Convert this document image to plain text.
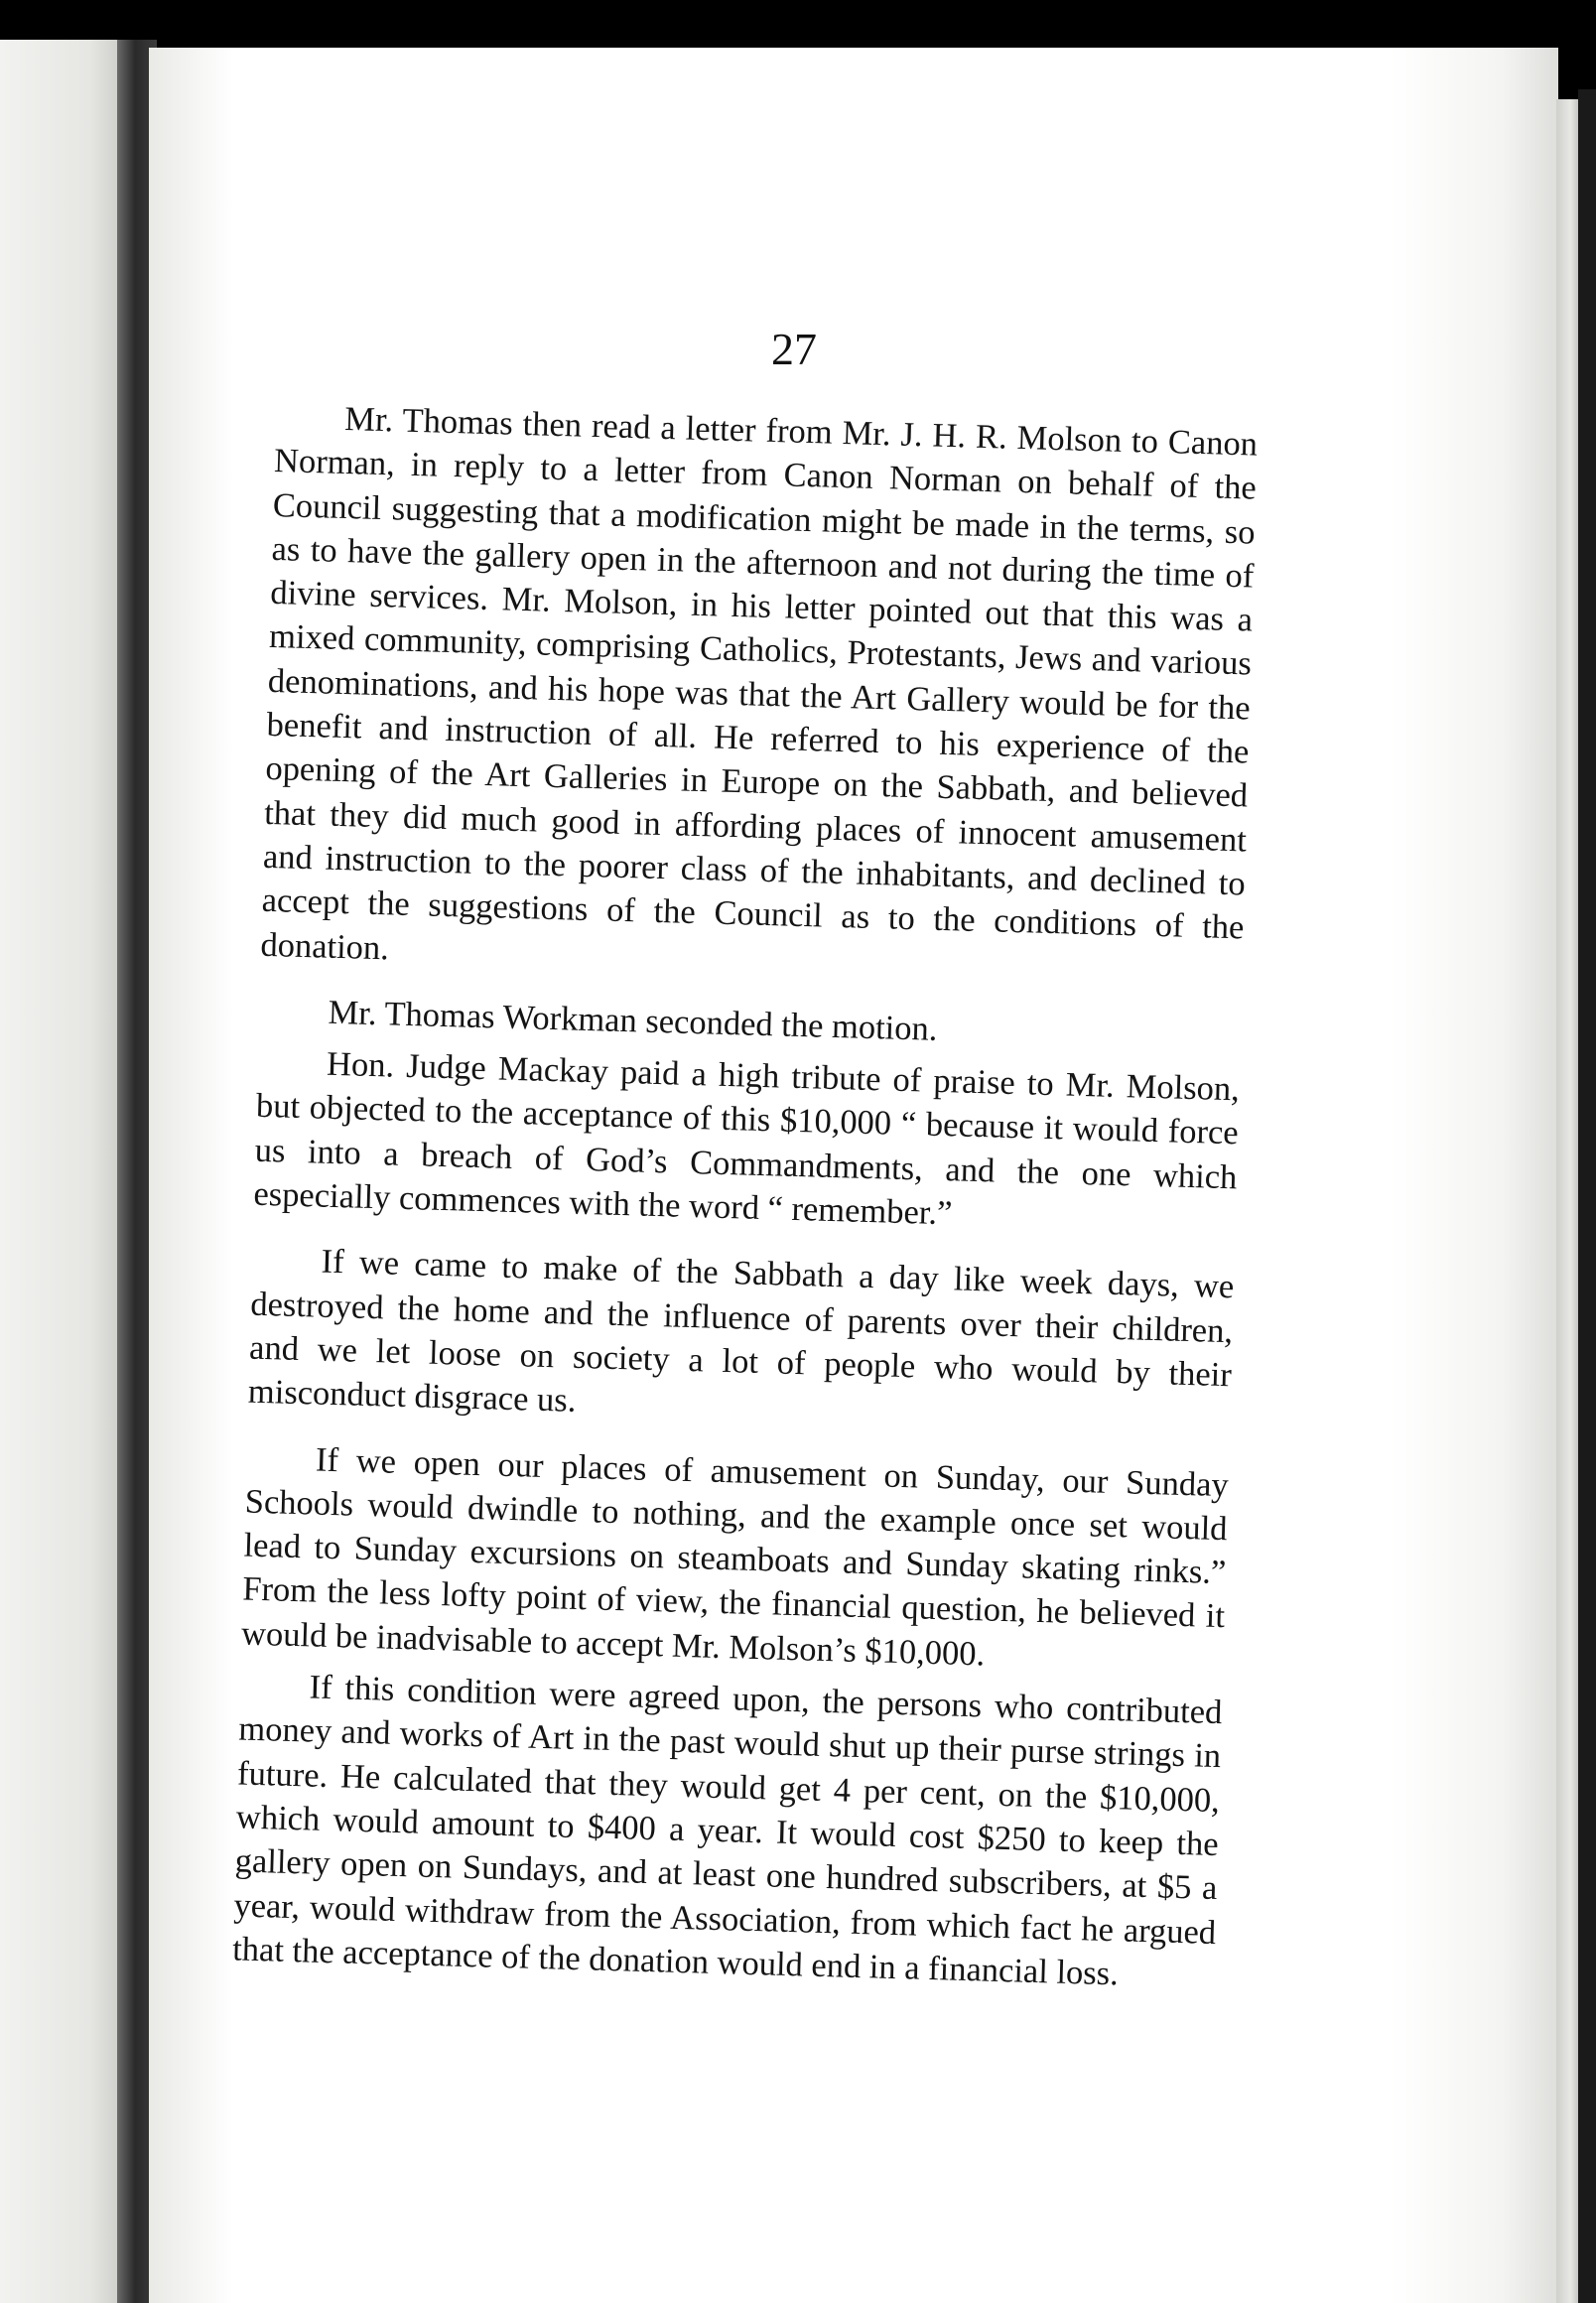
27

Mr. Thomas then read a letter from Mr. J. H. R. Molson to Canon Norman, in reply to a letter from Canon Norman on behalf of the Council suggesting that a modification might be made in the terms, so as to have the gallery open in the afternoon and not during the time of divine services. Mr. Molson, in his letter pointed out that this was a mixed community, comprising Catholics, Protestants, Jews and various denominations, and his hope was that the Art Gallery would be for the benefit and instruction of all. He referred to his experience of the opening of the Art Galleries in Europe on the Sabbath, and believed that they did much good in affording places of innocent amusement and instruction to the poorer class of the inhabitants, and declined to accept the suggestions of the Council as to the conditions of the donation.

Mr. Thomas Workman seconded the motion.

Hon. Judge Mackay paid a high tribute of praise to Mr. Molson, but objected to the acceptance of this $10,000 “ because it would force us into a breach of God’s Commandments, and the one which especially commences with the word “ remember.”

If we came to make of the Sabbath a day like week days, we destroyed the home and the influence of parents over their children, and we let loose on society a lot of people who would by their misconduct disgrace us.

If we open our places of amusement on Sunday, our Sunday Schools would dwindle to nothing, and the example once set would lead to Sunday excursions on steamboats and Sunday skating rinks.” From the less lofty point of view, the financial question, he believed it would be inadvisable to accept Mr. Molson’s $10,000.

If this condition were agreed upon, the persons who contributed money and works of Art in the past would shut up their purse strings in future. He calculated that they would get 4 per cent, on the $10,000, which would amount to $400 a year. It would cost $250 to keep the gallery open on Sundays, and at least one hundred subscribers, at $5 a year, would withdraw from the Association, from which fact he argued that the acceptance of the donation would end in a financial loss.
